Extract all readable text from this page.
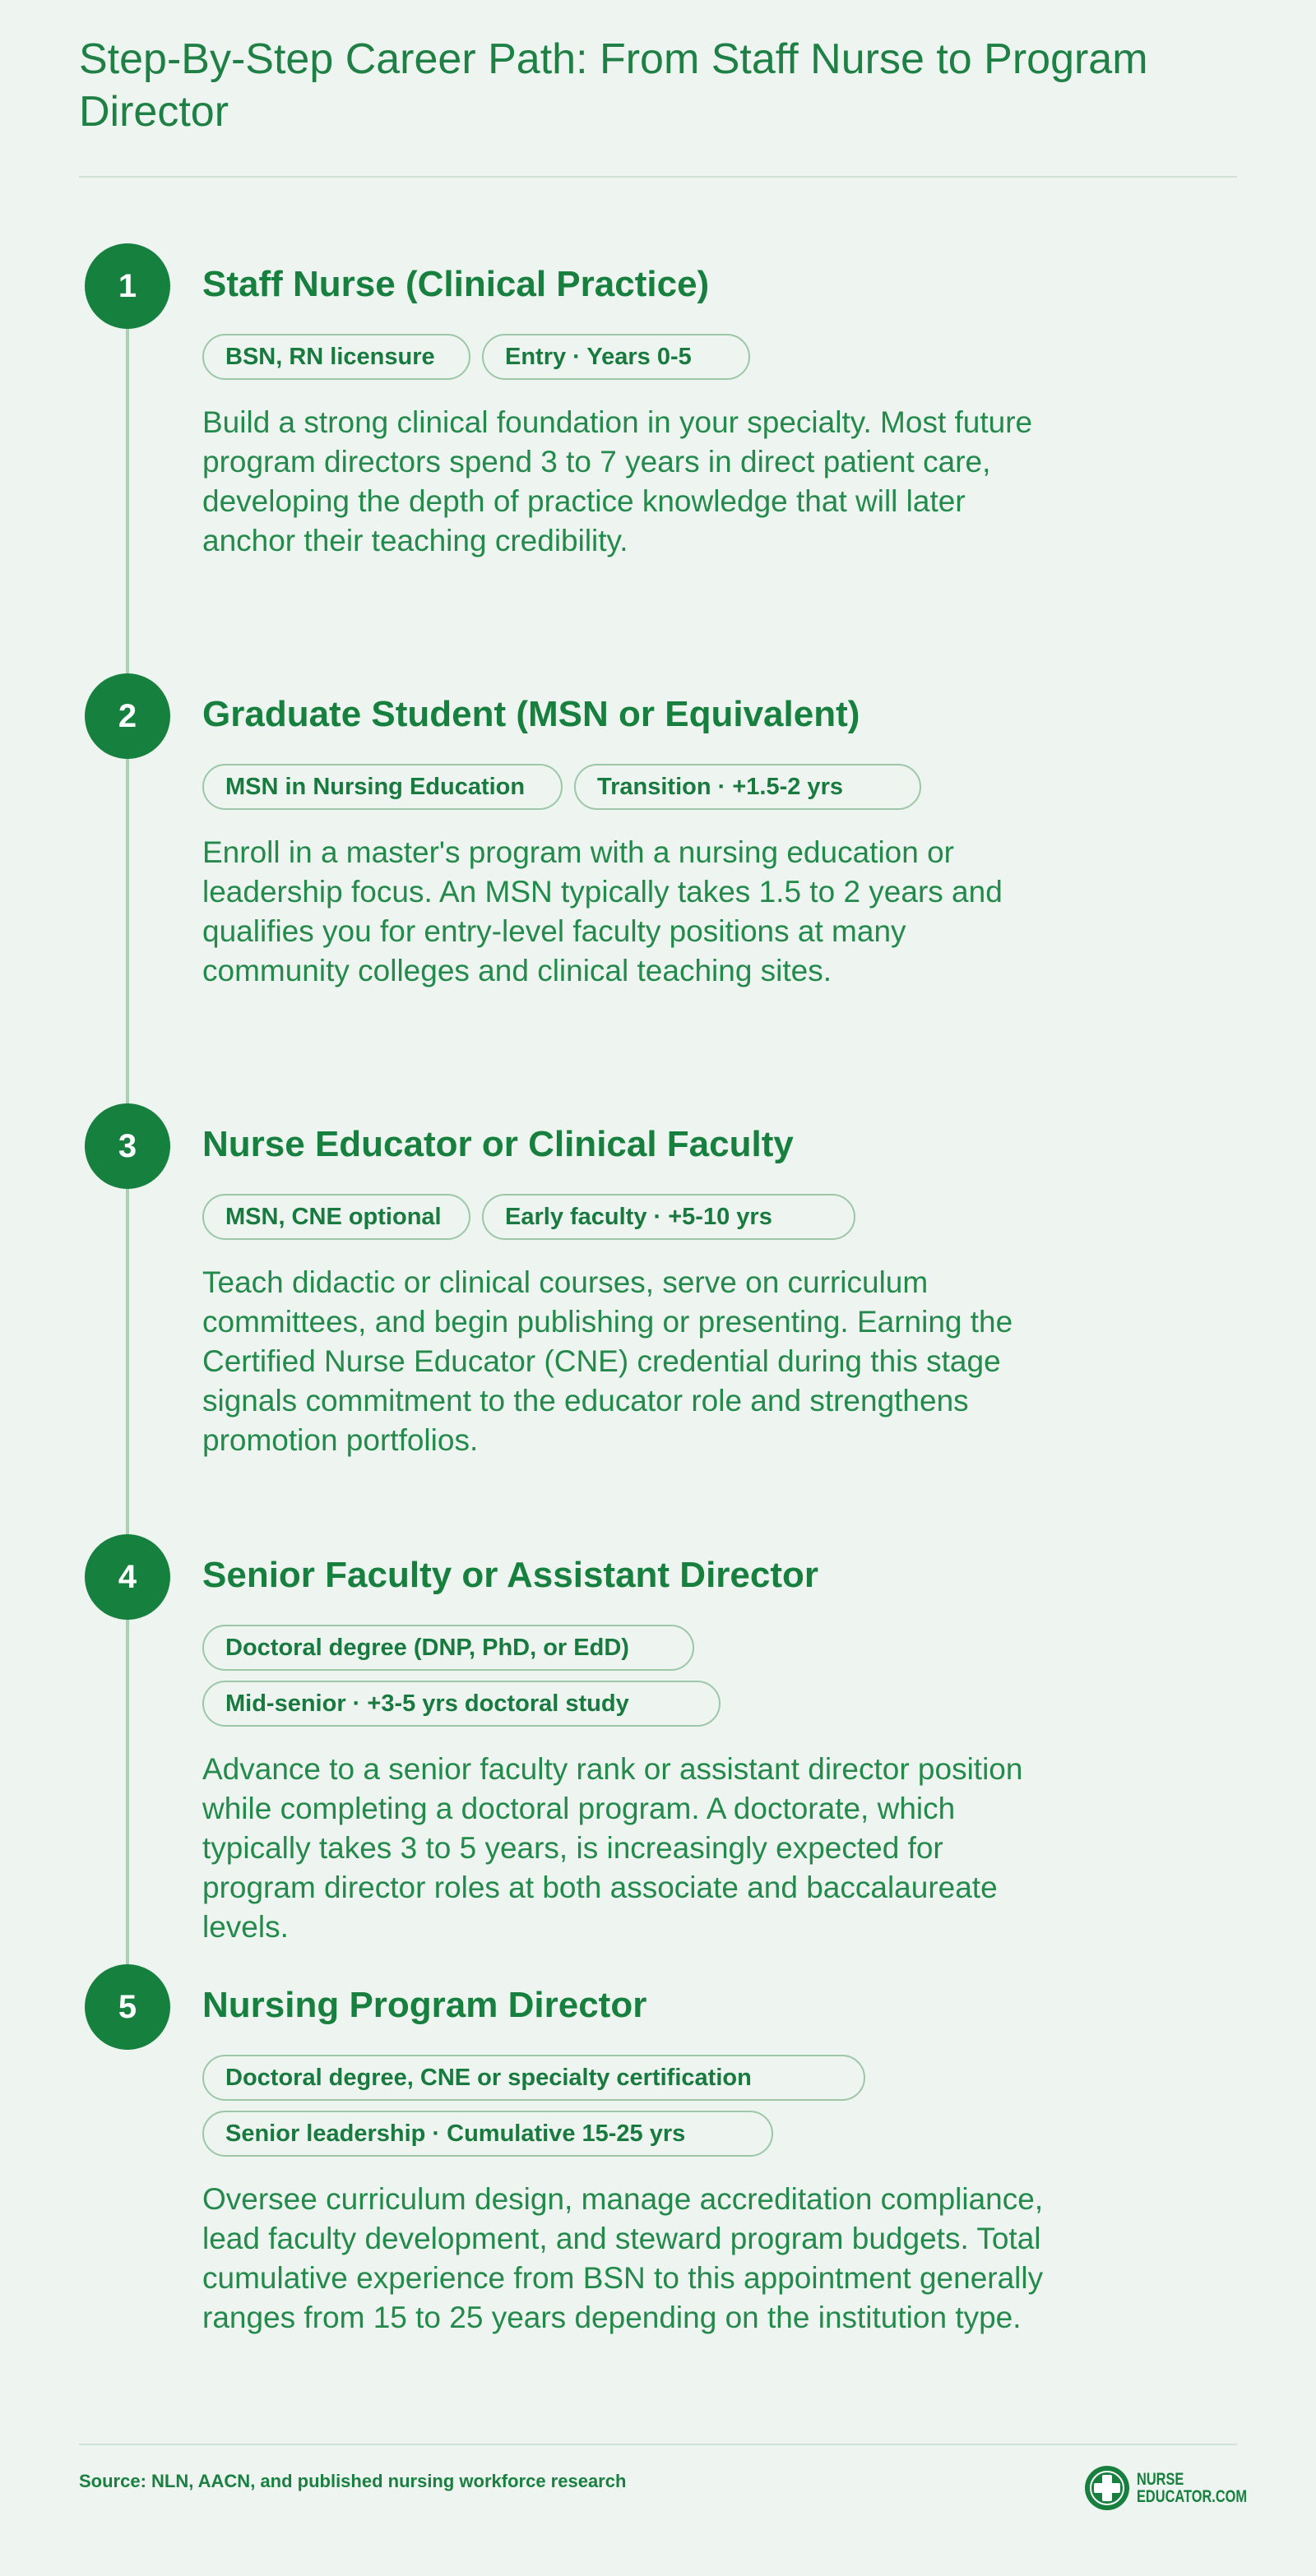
Step-By-Step Career Path: From Staff Nurse to Program Director
1	Staff Nurse (Clinical Practice)
BSN, RN licensure	Entry · Years 0-5

Build a strong clinical foundation in your specialty. Most future program directors spend 3 to 7 years in direct patient care, developing the depth of practice knowledge that will later anchor their teaching credibility.

2	Graduate Student (MSN or Equivalent)
MSN in Nursing Education	Transition · +1.5-2 yrs

Enroll in a master's program with a nursing education or leadership focus. An MSN typically takes 1.5 to 2 years and qualifies you for entry-level faculty positions at many community colleges and clinical teaching sites.

3	Nurse Educator or Clinical Faculty
MSN, CNE optional	Early faculty · +5-10 yrs

Teach didactic or clinical courses, serve on curriculum committees, and begin publishing or presenting. Earning the Certified Nurse Educator (CNE) credential during this stage signals commitment to the educator role and strengthens promotion portfolios.

4	Senior Faculty or Assistant Director
Doctoral degree (DNP, PhD, or EdD)
Mid-senior · +3-5 yrs doctoral study

Advance to a senior faculty rank or assistant director position while completing a doctoral program. A doctorate, which typically takes 3 to 5 years, is increasingly expected for program director roles at both associate and baccalaureate levels.

5	Nursing Program Director
Doctoral degree, CNE or specialty certification
Senior leadership · Cumulative 15-25 yrs

Oversee curriculum design, manage accreditation compliance, lead faculty development, and steward program budgets. Total cumulative experience from BSN to this appointment generally ranges from 15 to 25 years depending on the institution type.

Source: NLN, AACN, and published nursing workforce research	NURSE
EDUCATOR.COM
